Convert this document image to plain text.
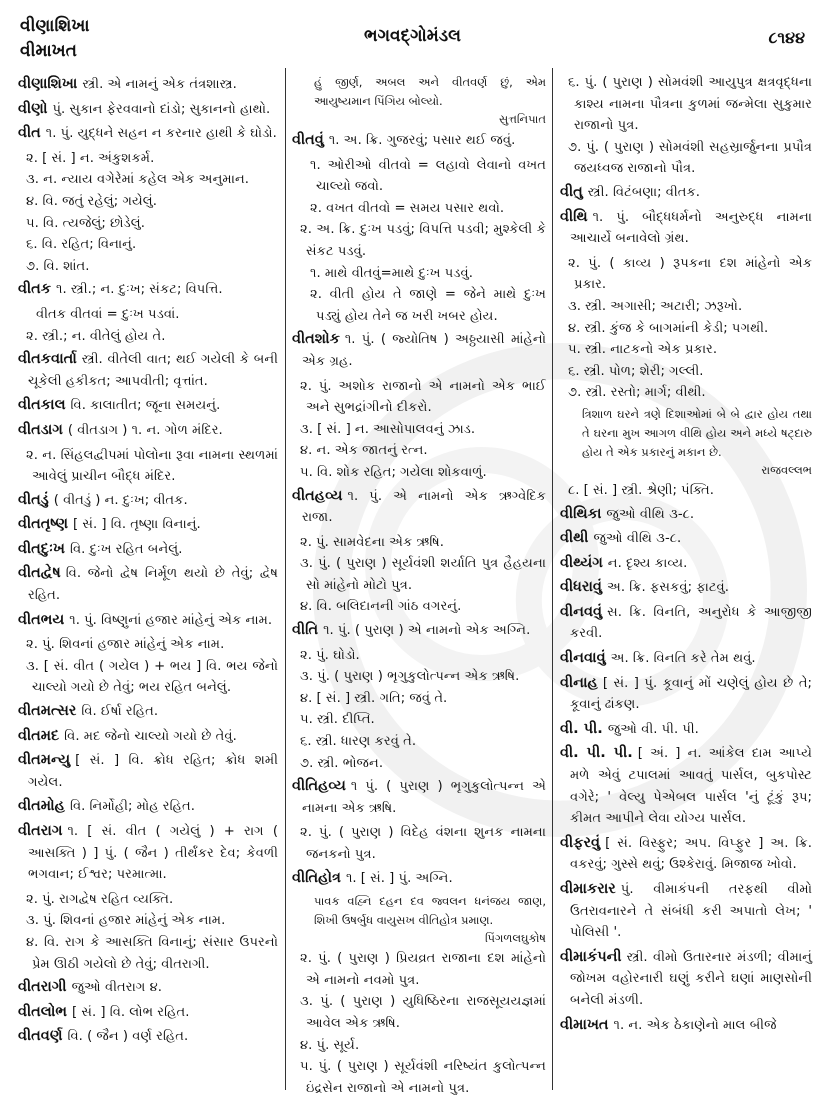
વીણાશિખા
વીમાખત
ભગવદ્ગોમંડલ	૮૧૪૪
વીણાશિખા સ્ત્રી. એ નામનું એક તંત્રશાસ્ત્ર.
વીણો પું. સુકાન ફેરવવાનો દાંડો; સુકાનનો હાથો.
વીત ૧. પું. યુદ્ધને સહન ન કરનાર હાથી કે ઘોડો.
૨. [ સં. ] ન. અંકુશકર્મ.
૩. ન. ન્યાય વગેરેમાં કહેલ એક અનુમાન.
૪. વિ. જતું રહેલું; ગયેલું.
૫. વિ. ત્યજેલું; છોડેલું.
૬. વિ. રહિત; વિનાનું.
૭. વિ. શાંત.
વીતક ૧. સ્ત્રી.; ન. દુઃખ; સંકટ; વિપત્તિ.
વીતક વીતવાં = દુઃખ પડવાં.
૨. સ્ત્રી.; ન. વીતેલું હોય તે.
વીતકવાર્તા સ્ત્રી. વીતેલી વાત; થઈ ગયેલી કે બની ચૂકેલી હકીકત; આપવીતી; વૃત્તાંત.
વીતકાલ વિ. કાલાતીત; જૂના સમયનું.
વીતડાગ ( વીતડાગ ) ૧. ન. ગોળ મંદિર.
૨. ન. સિંહલદ્વીપમાં પોલોના રૂવા નામના સ્થળમાં આવેલું પ્રાચીન બૌદ્ધ મંદિર.
વીતડું ( વીતડું ) ન. દુઃખ; વીતક.
વીતતૃષ્ણ [ સં. ] વિ. તૃષ્ણા વિનાનું.
વીતદુઃખ વિ. દુઃખ રહિત બનેલું.
વીતદ્વેષ વિ. જેનો દ્વેષ નિર્મૂળ થયો છે તેવું; દ્વેષ રહિત.
વીતભય ૧. પું. વિષ્ણુનાં હજાર માંહેનું એક નામ.
૨. પું. શિવનાં હજાર માંહેનું એક નામ.
૩. [ સં. વીત ( ગયેલ ) + ભય ] વિ. ભય જેનો ચાલ્યો ગયો છે તેવું; ભય રહિત બનેલું.
વીતમત્સર વિ. ઈર્ષા રહિત.
વીતમદ વિ. મદ જેનો ચાલ્યો ગયો છે તેવું.
વીતમન્યુ [ સં. ] વિ. ક્રોધ રહિત; ક્રોધ શમી ગયેલ.
વીતમોહ વિ. નિર્મોહી; મોહ રહિત.
વીતરાગ ૧. [ સં. વીત ( ગયેલું ) + રાગ ( આસક્તિ ) ] પું. ( જૈન ) તીર્થંકર દેવ; કેવળી ભગવાન; ઈશ્વર; પરમાત્મા.
૨. પું. રાગદ્વેષ રહિત વ્યક્તિ.
૩. પું. શિવનાં હજાર માંહેનું એક નામ.
૪. વિ. રાગ કે આસક્તિ વિનાનું; સંસાર ઉપરનો પ્રેમ ઊઠી ગયેલો છે તેવું; વીતરાગી.
વીતરાગી જુઓ વીતરાગ ૪.
વીતલોભ [ સં. ] વિ. લોભ રહિત.
વીતવર્ણ વિ. ( જૈન ) વર્ણ રહિત.
હું જીર્ણ, અબલ અને વીતવર્ણ છું, એમ આયુષ્યમાન પિંગિય બોલ્યો.
સુત્તનિપાત
વીતવું ૧. અ. ક્રિ. ગુજરવું; પસાર થઈ જવું.
૧. ઓરીઓ વીતવો = લહાવો લેવાનો વખત ચાલ્યો જવો.
૨. વખત વીતવો = સમય પસાર થવો.
૨. અ. ક્રિ. દુઃખ પડવું; વિપત્તિ પડવી; મુશ્કેલી કે સંકટ પડવું.
૧. માથે વીતવું=માથે દુઃખ પડવું.
૨. વીતી હોય તે જાણે = જેને માથે દુઃખ પડ્યું હોય તેને જ ખરી ખબર હોય.
વીતશોક ૧. પું. ( જ્યોતિષ ) અઠ્ઠયાસી માંહેનો એક ગ્રહ.
૨. પું. અશોક રાજાનો એ નામનો એક ભાઈ અને સુભદ્રાંગીનો દીકરો.
૩. [ સં. ] ન. આસોપાલવનું ઝાડ.
૪. ન. એક જાતનું રત્ન.
૫. વિ. શોક રહિત; ગયેલા શોકવાળું.
વીતહવ્ય ૧. પું. એ નામનો એક ઋગ્વેદિક રાજા.
૨. પું. સામવેદના એક ઋષિ.
૩. પું. ( પુરાણ ) સૂર્યવંશી શર્યાતિ પુત્ર હૈહયના સો માંહેનો મોટો પુત્ર.
૪. વિ. બલિદાનની ગાંઠ વગરનું.
વીતિ ૧. પું. ( પુરાણ ) એ નામનો એક અગ્નિ.
૨. પું. ઘોડો.
૩. પું. ( પુરાણ ) ભૃગુકુલોત્પન્ન એક ઋષિ.
૪. [ સં. ] સ્ત્રી. ગતિ; જવું તે.
૫. સ્ત્રી. દીપ્તિ.
૬. સ્ત્રી. ધારણ કરવું તે.
૭. સ્ત્રી. ભોજન.
વીતિહવ્ય ૧ પું. ( પુરાણ ) ભૃગુકુલોત્પન્ન એ નામના એક ઋષિ.
૨. પું. ( પુરાણ ) વિદેહ વંશના શુનક નામના જનકનો પુત્ર.
વીતિહોત્ર ૧. [ સં. ] પું. અગ્નિ.
પાવક વહ્નિ દહન દવ જ્વલન ધનંજય જાણ, શિખી ઉષર્બુધ વાયુસખ વીતિહોત્ર પ્રમાણ.
પિંગળલઘુકોષ
૨. પું. ( પુરાણ ) પ્રિયવ્રત રાજાના દશ માંહેનો એ નામનો નવમો પુત્ર.
૩. પું. ( પુરાણ ) યુધિષ્ઠિરના રાજસૂયયજ્ઞમાં આવેલ એક ઋષિ.
૪. પું. સૂર્ય.
૫. પું. ( પુરાણ ) સૂર્યવંશી નરિષ્યંત કુલોત્પન્ન ઇંદ્રસેન રાજાનો એ નામનો પુત્ર.
૬. પું. ( પુરાણ ) સોમવંશી આયુપુત્ર ક્ષત્રવૃદ્ધના કાશ્ય નામના પૌત્રના કુળમાં જન્મેલા સુકુમાર રાજાનો પુત્ર.
૭. પું. ( પુરાણ ) સોમવંશી સહસ્રાર્જુનના પ્રપૌત્ર જયધ્વજ રાજાનો પૌત્ર.
વીતુ સ્ત્રી. વિટંબણા; વીતક.
વીથિ ૧. પું. બૌદ્ધધર્મનો અનુરુદ્ધ નામના આચાર્યે બનાવેલો ગ્રંથ.
૨. પું. ( કાવ્ય ) રૂપકના દશ માંહેનો એક પ્રકાર.
૩. સ્ત્રી. અગાસી; અટારી; ઝરૂખો.
૪. સ્ત્રી. કુંજ કે બાગમાંની કેડી; પગથી.
૫. સ્ત્રી. નાટકનો એક પ્રકાર.
૬. સ્ત્રી. પોળ; શેરી; ગલ્લી.
૭. સ્ત્રી. રસ્તો; માર્ગ; વીથી.
ત્રિશાળ ઘરને ત્રણે દિશાઓમાં બે બે દ્વાર હોય તથા તે ઘરના મુખ આગળ વીથિ હોય અને મધ્યે ષટ્દારુ હોય તે એક પ્રકારનું મકાન છે.
રાજવલ્લભ
૮. [ સં. ] સ્ત્રી. શ્રેણી; પંક્તિ.
વીથિકા જુઓ વીથિ ૩-૮.
વીથી જુઓ વીથિ ૩-૮.
વીથ્યંગ ન. દૃશ્ય કાવ્ય.
વીધરાવું અ. ક્રિ. ફસકવું; ફાટવું.
વીનવવું સ. ક્રિ. વિનતિ, અનુરોધ કે આજીજી કરવી.
વીનવાવું અ. ક્રિ. વિનતિ કરે તેમ થવું.
વીનાહ [ સં. ] પું. કૂવાનું મોં ચણેલું હોય છે તે; કૂવાનું ઢાંકણ.
વી. પી. જુઓ વી. પી. પી.
વી. પી. પી. [ અં. ] ન. આંકેલ દામ આપ્યે મળે એવું ટપાલમાં આવતું પાર્સલ, બુકપોસ્ટ વગેરે; ' વેલ્યુ પેએબલ પાર્સલ 'નું ટૂંકું રૂપ; કીમત આપીને લેવા યોગ્ય પાર્સલ.
વીફરવું [ સં. વિસ્ફુર; અપ. વિપ્ફુર ] અ. ક્રિ. વકરવું; ગુસ્સે થવું; ઉશ્કેરાવું. મિજાજ ખોવો.
વીમાકરાર પું. વીમાકંપની તરફથી વીમો ઉતરાવનારને તે સંબંધી કરી અપાતો લેખ; ' પોલિસી '.
વીમાકંપની સ્ત્રી. વીમો ઉતારનાર મંડળી; વીમાનું જોખમ વહોરનારી ઘણું કરીને ઘણાં માણસોની બનેલી મંડળી.
વીમાખત ૧. ન. એક ઠેકાણેનો માલ બીજે
